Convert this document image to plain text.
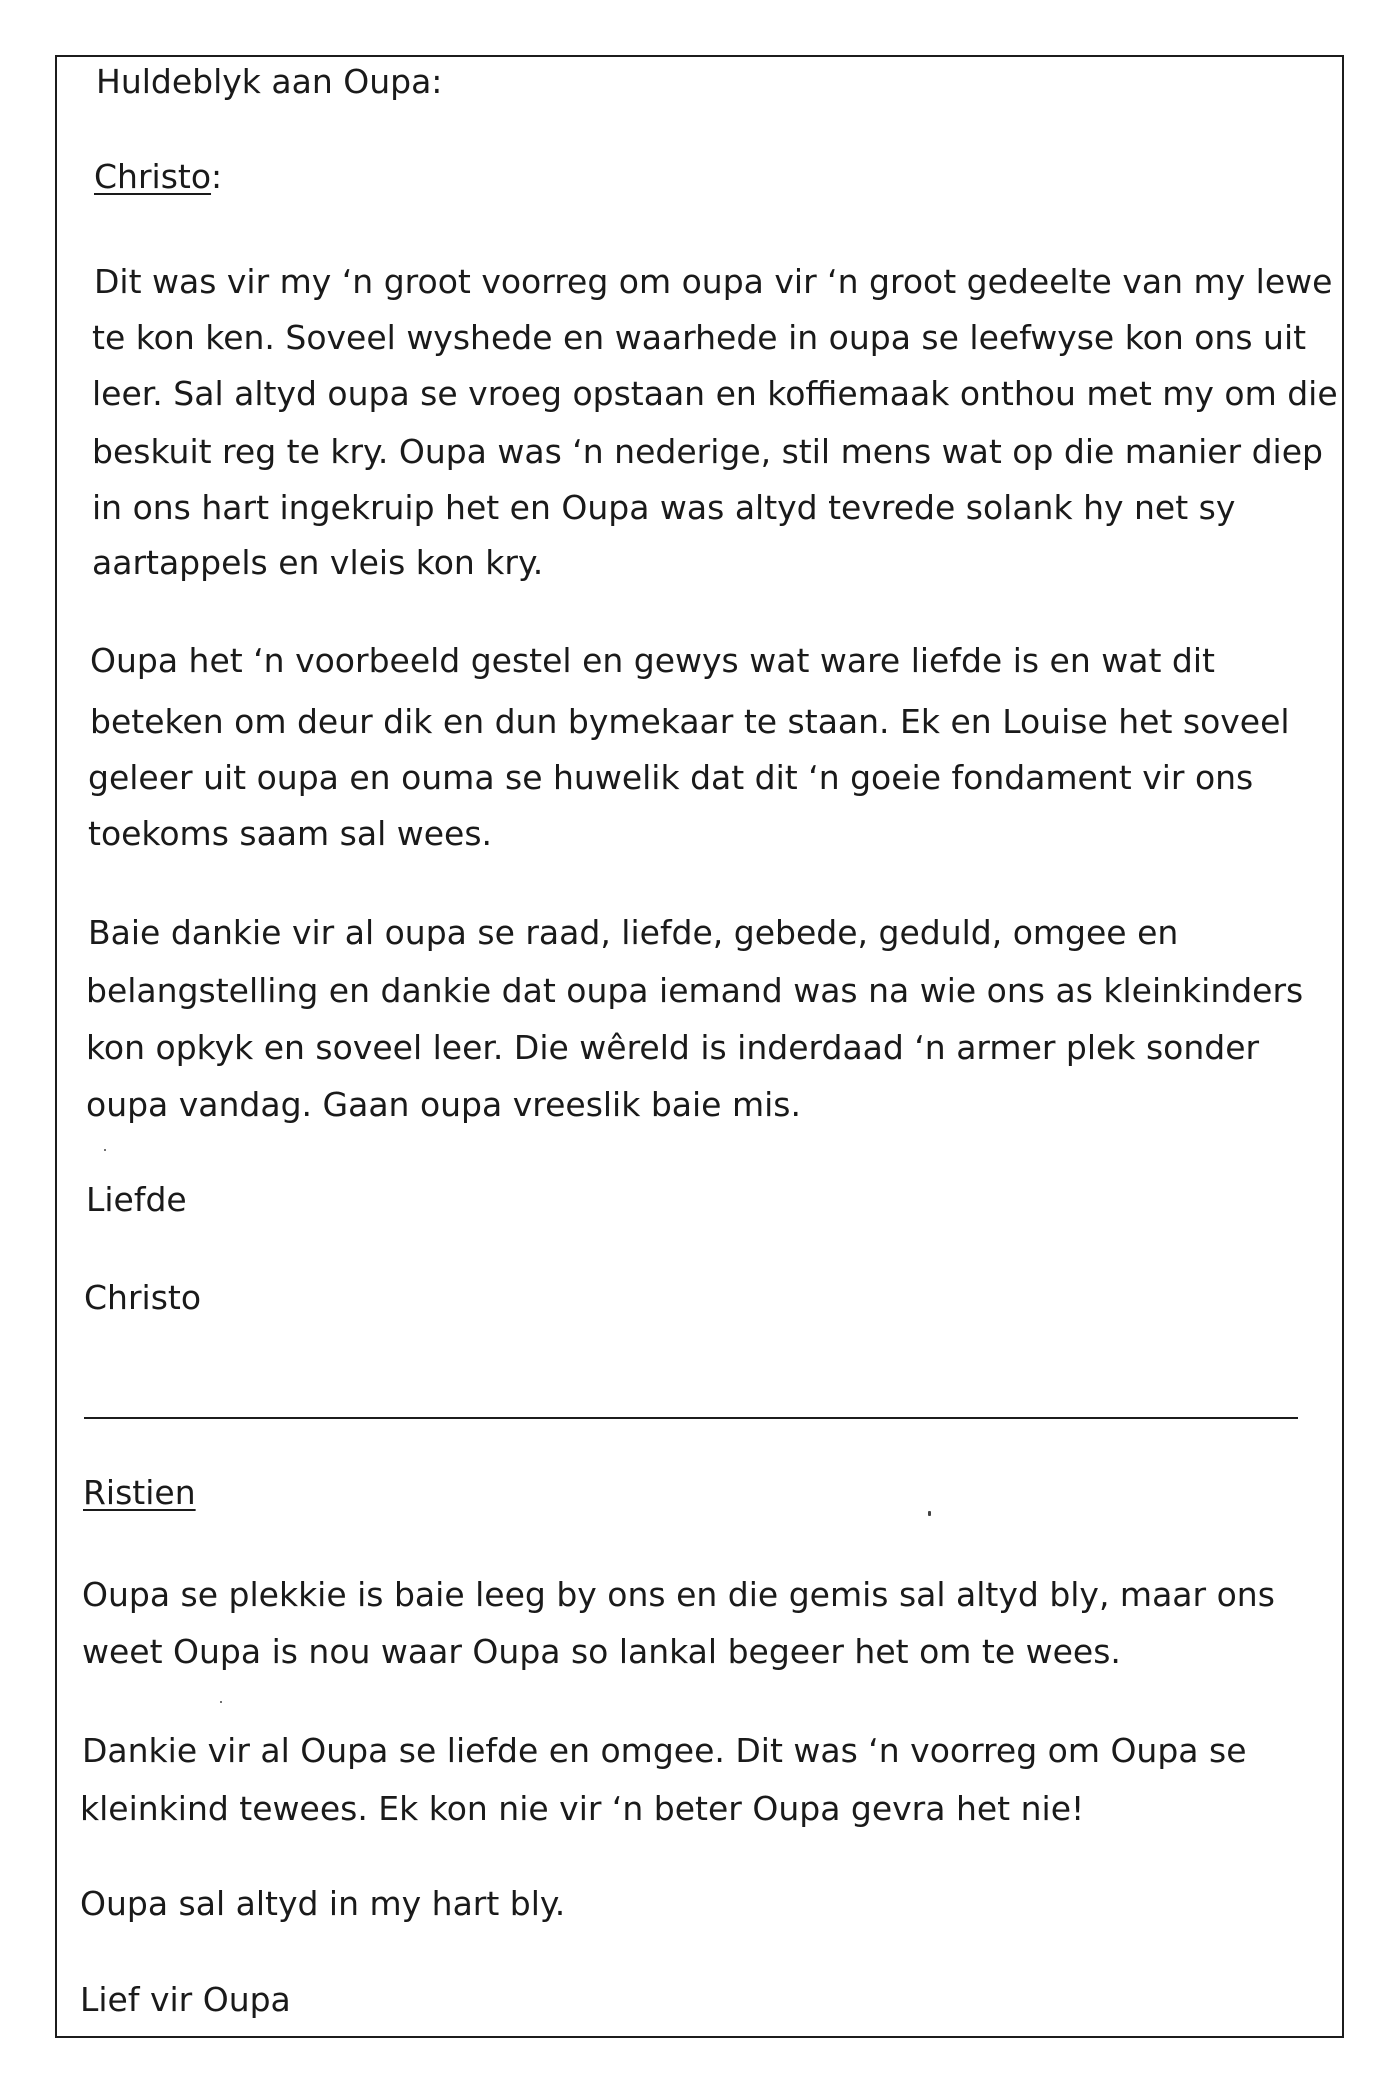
Huldeblyk aan Oupa:

Christo:

Dit was vir my ‘n groot voorreg om oupa vir ‘n groot gedeelte van my lewe

te kon ken. Soveel wyshede en waarhede in oupa se leefwyse kon ons uit

leer. Sal altyd oupa se vroeg opstaan en koffiemaak onthou met my om die

beskuit reg te kry. Oupa was ‘n nederige, stil mens wat op die manier diep

in ons hart ingekruip het en Oupa was altyd tevrede solank hy net sy

aartappels en vleis kon kry.

Oupa het ‘n voorbeeld gestel en gewys wat ware liefde is en wat dit

beteken om deur dik en dun bymekaar te staan. Ek en Louise het soveel

geleer uit oupa en ouma se huwelik dat dit ‘n goeie fondament vir ons

toekoms saam sal wees.

Baie dankie vir al oupa se raad, liefde, gebede, geduld, omgee en

belangstelling en dankie dat oupa iemand was na wie ons as kleinkinders

kon opkyk en soveel leer. Die wêreld is inderdaad ‘n armer plek sonder

oupa vandag. Gaan oupa vreeslik baie mis.

Liefde

Christo

Ristien

Oupa se plekkie is baie leeg by ons en die gemis sal altyd bly, maar ons

weet Oupa is nou waar Oupa so lankal begeer het om te wees.

Dankie vir al Oupa se liefde en omgee. Dit was ‘n voorreg om Oupa se

kleinkind tewees. Ek kon nie vir ‘n beter Oupa gevra het nie!

Oupa sal altyd in my hart bly.

Lief vir Oupa
